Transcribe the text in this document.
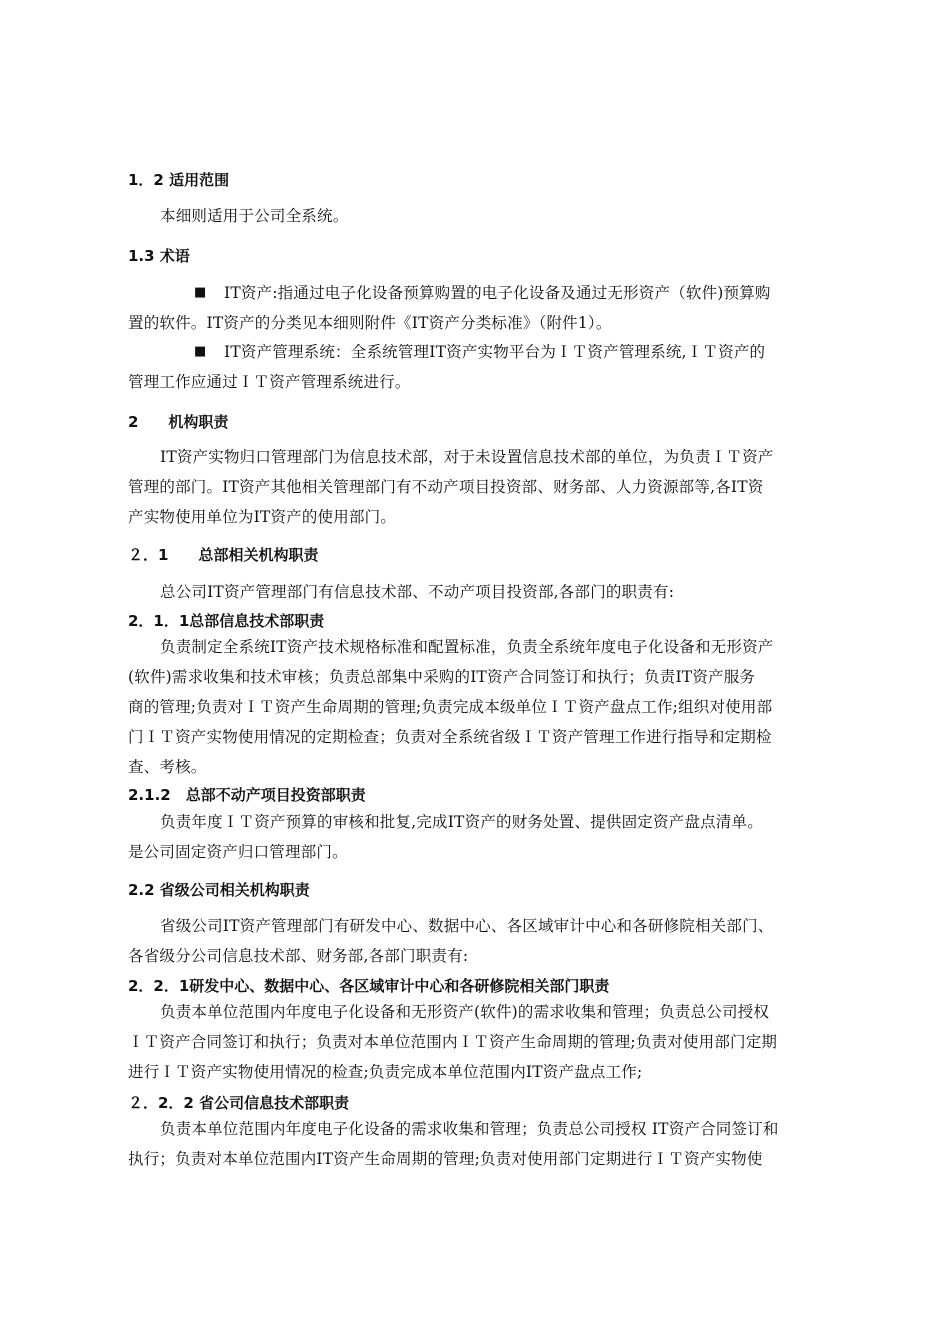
1．2 适用范围
本细则适用于公司全系统。
1.3 术语
■ IT资产:指通过电子化设备预算购置的电子化设备及通过无形资产（软件)预算购
置的软件。IT资产的分类见本细则附件《IT资产分类标准》（附件1）。
■ IT资产管理系统：全系统管理IT资产实物平台为ＩＴ资产管理系统,ＩＴ资产的
管理工作应通过ＩＴ资产管理系统进行。
2　　机构职责
IT资产实物归口管理部门为信息技术部，对于未设置信息技术部的单位，为负责ＩＴ资产
管理的部门。IT资产其他相关管理部门有不动产项目投资部、财务部、人力资源部等,各IT资
产实物使用单位为IT资产的使用部门。
２．1　　总部相关机构职责
总公司IT资产管理部门有信息技术部、不动产项目投资部,各部门的职责有:
2．1．1总部信息技术部职责
负责制定全系统IT资产技术规格标准和配置标准，负责全系统年度电子化设备和无形资产
(软件)需求收集和技术审核；负责总部集中采购的IT资产合同签订和执行；负责IT资产服务
商的管理;负责对ＩＴ资产生命周期的管理;负责完成本级单位ＩＴ资产盘点工作;组织对使用部
门ＩＴ资产实物使用情况的定期检查；负责对全系统省级ＩＴ资产管理工作进行指导和定期检
查、考核。
2.1.2　总部不动产项目投资部职责
负责年度ＩＴ资产预算的审核和批复,完成IT资产的财务处置、提供固定资产盘点清单。
是公司固定资产归口管理部门。
2.2 省级公司相关机构职责
省级公司IT资产管理部门有研发中心、数据中心、各区域审计中心和各研修院相关部门、
各省级分公司信息技术部、财务部,各部门职责有:
2．2．1研发中心、数据中心、各区域审计中心和各研修院相关部门职责
负责本单位范围内年度电子化设备和无形资产(软件)的需求收集和管理；负责总公司授权
ＩＴ资产合同签订和执行；负责对本单位范围内ＩＴ资产生命周期的管理;负责对使用部门定期
进行ＩＴ资产实物使用情况的检查;负责完成本单位范围内IT资产盘点工作;
２．2．2 省公司信息技术部职责
负责本单位范围内年度电子化设备的需求收集和管理；负责总公司授权 IT资产合同签订和
执行；负责对本单位范围内IT资产生命周期的管理;负责对使用部门定期进行ＩＴ资产实物使
